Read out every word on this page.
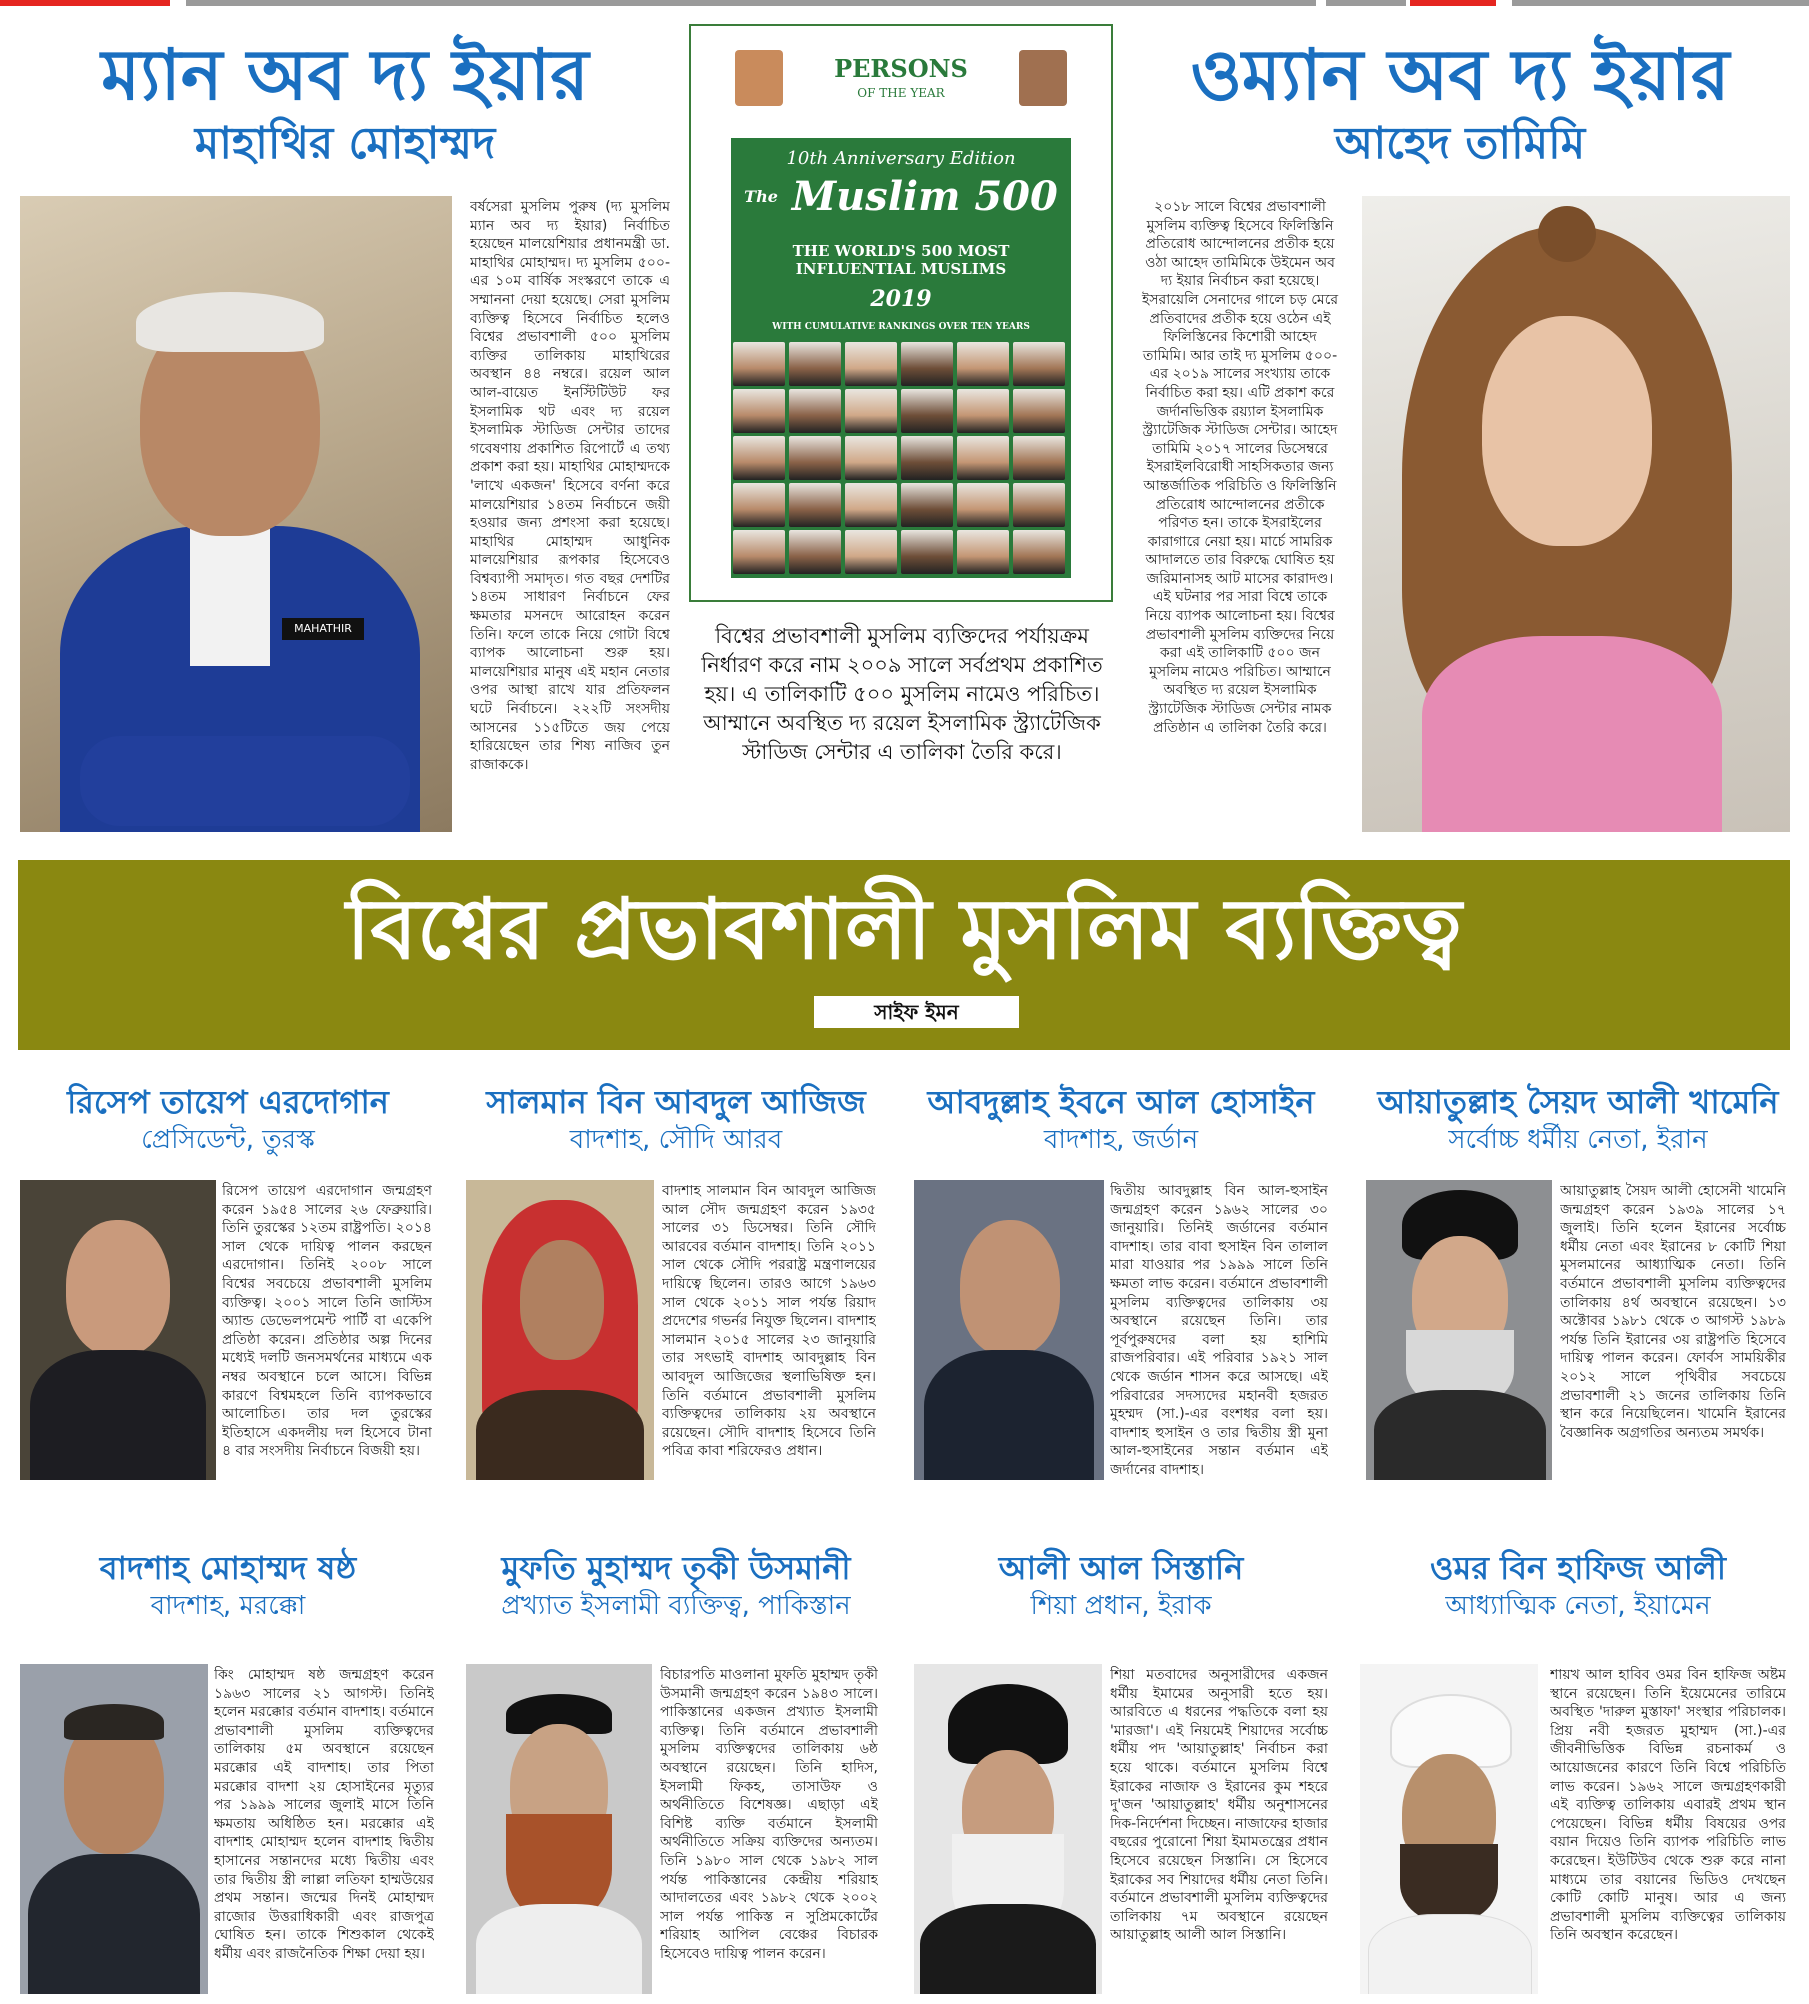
ম্যান অব দ্য ইয়ার
মাহাথির মোহাম্মদ
MAHATHIR
বর্ষসেরা মুসলিম পুরুষ (দ্য মুসলিম ম্যান অব দ্য ইয়ার) নির্বাচিত হয়েছেন মালয়েশিয়ার প্রধানমন্ত্রী ডা. মাহাথির মোহাম্মদ। দ্য মুসলিম ৫০০-এর ১০ম বার্ষিক সংস্করণে তাকে এ সম্মাননা দেয়া হয়েছে। সেরা মুসলিম ব্যক্তিত্ব হিসেবে নির্বাচিত হলেও বিশ্বের প্রভাবশালী ৫০০ মুসলিম ব্যক্তির তালিকায় মাহাথিরের অবস্থান ৪৪ নম্বরে। রয়েল আল আল-বায়েত ইনস্টিটিউট ফর ইসলামিক থট এবং দ্য রয়েল ইসলামিক স্টাডিজ সেন্টার তাদের গবেষণায় প্রকাশিত রিপোর্টে এ তথ্য প্রকাশ করা হয়। মাহাথির মোহাম্মদকে 'লাখে একজন' হিসেবে বর্ণনা করে মালয়েশিয়ার ১৪তম নির্বাচনে জয়ী হওয়ার জন্য প্রশংসা করা হয়েছে। মাহাথির মোহাম্মদ আধুনিক মালয়েশিয়ার রূপকার হিসেবেও বিশ্বব্যাপী সমাদৃত। গত বছর দেশটির ১৪তম সাধারণ নির্বাচনে ফের ক্ষমতার মসনদে আরোহন করেন তিনি। ফলে তাকে নিয়ে গোটা বিশ্বে ব্যাপক আলোচনা শুরু হয়। মালয়েশিয়ার মানুষ এই মহান নেতার ওপর আস্থা রাখে যার প্রতিফলন ঘটে নির্বাচনে। ২২২টি সংসদীয় আসনের ১১৫টিতে জয় পেয়ে হারিয়েছেন তার শিষ্য নাজিব তুন রাজাককে।
PERSONS
OF THE YEAR
10th Anniversary Edition
$^{The}$ Muslim 500
THE WORLD'S 500 MOST
INFLUENTIAL MUSLIMS
2019
WITH CUMULATIVE RANKINGS OVER TEN YEARS
বিশ্বের প্রভাবশালী মুসলিম ব্যক্তিদের পর্যায়ক্রম নির্ধারণ করে নাম ২০০৯ সালে সর্বপ্রথম প্রকাশিত হয়। এ তালিকাটি ৫০০ মুসলিম নামেও পরিচিত। আম্মানে অবস্থিত দ্য রয়েল ইসলামিক স্ট্র্যাটেজিক স্টাডিজ সেন্টার এ তালিকা তৈরি করে।
ওম্যান অব দ্য ইয়ার
আহেদ তামিমি
২০১৮ সালে বিশ্বের প্রভাবশালী মুসলিম ব্যক্তিত্ব হিসেবে ফিলিস্তিনি প্রতিরোধ আন্দোলনের প্রতীক হয়ে ওঠা আহেদ তামিমিকে উইমেন অব দ্য ইয়ার নির্বাচন করা হয়েছে। ইসরায়েলি সেনাদের গালে চড় মেরে প্রতিবাদের প্রতীক হয়ে ওঠেন এই ফিলিস্তিনের কিশোরী আহেদ তামিমি। আর তাই দ্য মুসলিম ৫০০-এর ২০১৯ সালের সংখ্যায় তাকে নির্বাচিত করা হয়। এটি প্রকাশ করে জর্দানভিত্তিক রয়্যাল ইসলামিক স্ট্র্যাটেজিক স্টাডিজ সেন্টার। আহেদ তামিমি ২০১৭ সালের ডিসেম্বরে ইসরাইলবিরোধী সাহসিকতার জন্য আন্তর্জাতিক পরিচিতি ও ফিলিস্তিনি প্রতিরোধ আন্দোলনের প্রতীকে পরিণত হন। তাকে ইসরাইলের কারাগারে নেয়া হয়। মার্চে সামরিক আদালতে তার বিরুদ্ধে ঘোষিত হয় জরিমানাসহ আট মাসের কারাদণ্ড। এই ঘটনার পর সারা বিশ্বে তাকে নিয়ে ব্যাপক আলোচনা হয়। বিশ্বের প্রভাবশালী মুসলিম ব্যক্তিদের নিয়ে করা এই তালিকাটি ৫০০ জন মুসলিম নামেও পরিচিত। আম্মানে অবস্থিত দ্য রয়েল ইসলামিক স্ট্র্যাটেজিক স্টাডিজ সেন্টার নামক প্রতিষ্ঠান এ তালিকা তৈরি করে।
বিশ্বের প্রভাবশালী মুসলিম ব্যক্তিত্ব
সাইফ ইমন
রিসেপ তায়েপ এরদোগান
প্রেসিডেন্ট, তুরস্ক
রিসেপ তায়েপ এরদোগান জন্মগ্রহণ করেন ১৯৫৪ সালের ২৬ ফেব্রুয়ারি। তিনি তুরস্কের ১২তম রাষ্ট্রপতি। ২০১৪ সাল থেকে দায়িত্ব পালন করছেন এরদোগান। তিনিই ২০০৮ সালে বিশ্বের সবচেয়ে প্রভাবশালী মুসলিম ব্যক্তিত্ব। ২০০১ সালে তিনি জাস্টিস অ্যান্ড ডেভেলপমেন্ট পার্টি বা একেপি প্রতিষ্ঠা করেন। প্রতিষ্ঠার অল্প দিনের মধ্যেই দলটি জনসমর্থনের মাধ্যমে এক নম্বর অবস্থানে চলে আসে। বিভিন্ন কারণে বিশ্বমহলে তিনি ব্যাপকভাবে আলোচিত। তার দল তুরস্কের ইতিহাসে একদলীয় দল হিসেবে টানা ৪ বার সংসদীয় নির্বাচনে বিজয়ী হয়।
সালমান বিন আবদুল আজিজ
বাদশাহ, সৌদি আরব
বাদশাহ সালমান বিন আবদুল আজিজ আল সৌদ জন্মগ্রহণ করেন ১৯৩৫ সালের ৩১ ডিসেম্বর। তিনি সৌদি আরবের বর্তমান বাদশাহ। তিনি ২০১১ সাল থেকে সৌদি পররাষ্ট্র মন্ত্রণালয়ের দায়িত্বে ছিলেন। তারও আগে ১৯৬৩ সাল থেকে ২০১১ সাল পর্যন্ত রিয়াদ প্রদেশের গভর্নর নিযুক্ত ছিলেন। বাদশাহ সালমান ২০১৫ সালের ২৩ জানুয়ারি তার সৎভাই বাদশাহ আবদুল্লাহ বিন আবদুল আজিজের স্থলাভিষিক্ত হন। তিনি বর্তমানে প্রভাবশালী মুসলিম ব্যক্তিত্বদের তালিকায় ২য় অবস্থানে রয়েছেন। সৌদি বাদশাহ হিসেবে তিনি পবিত্র কাবা শরিফেরও প্রধান।
আবদুল্লাহ ইবনে আল হোসাইন
বাদশাহ, জর্ডান
দ্বিতীয় আবদুল্লাহ বিন আল-হুসাইন জন্মগ্রহণ করেন ১৯৬২ সালের ৩০ জানুয়ারি। তিনিই জর্ডানের বর্তমান বাদশাহ। তার বাবা হুসাইন বিন তালাল মারা যাওয়ার পর ১৯৯৯ সালে তিনি ক্ষমতা লাভ করেন। বর্তমানে প্রভাবশালী মুসলিম ব্যক্তিত্বদের তালিকায় ৩য় অবস্থানে রয়েছেন তিনি। তার পূর্বপুরুষদের বলা হয় হাশিমি রাজপরিবার। এই পরিবার ১৯২১ সাল থেকে জর্ডান শাসন করে আসছে। এই পরিবারের সদস্যদের মহানবী হজরত মুহম্মদ (সা.)-এর বংশধর বলা হয়। বাদশাহ হুসাইন ও তার দ্বিতীয় স্ত্রী মুনা আল-হুসাইনের সন্তান বর্তমান এই জর্দানের বাদশাহ।
আয়াতুল্লাহ সৈয়দ আলী খামেনি
সর্বোচ্চ ধর্মীয় নেতা, ইরান
আয়াতুল্লাহ সৈয়দ আলী হোসেনী খামেনি জন্মগ্রহণ করেন ১৯৩৯ সালের ১৭ জুলাই। তিনি হলেন ইরানের সর্বোচ্চ ধর্মীয় নেতা এবং ইরানের ৮ কোটি শিয়া মুসলমানের আধ্যাত্মিক নেতা। তিনি বর্তমানে প্রভাবশালী মুসলিম ব্যক্তিত্বদের তালিকায় ৪র্থ অবস্থানে রয়েছেন। ১৩ অক্টোবর ১৯৮১ থেকে ৩ আগস্ট ১৯৮৯ পর্যন্ত তিনি ইরানের ৩য় রাষ্ট্রপতি হিসেবে দায়িত্ব পালন করেন। ফোর্বস সাময়িকীর ২০১২ সালে পৃথিবীর সবচেয়ে প্রভাবশালী ২১ জনের তালিকায় তিনি স্থান করে নিয়েছিলেন। খামেনি ইরানের বৈজ্ঞানিক অগ্রগতির অন্যতম সমর্থক।
বাদশাহ মোহাম্মদ ষষ্ঠ
বাদশাহ, মরক্কো
কিং মোহাম্মদ ষষ্ঠ জন্মগ্রহণ করেন ১৯৬৩ সালের ২১ আগস্ট। তিনিই হলেন মরক্কোর বর্তমান বাদশাহ। বর্তমানে প্রভাবশালী মুসলিম ব্যক্তিত্বদের তালিকায় ৫ম অবস্থানে রয়েছেন মরক্কোর এই বাদশাহ। তার পিতা মরক্কোর বাদশা ২য় হোসাইনের মৃত্যুর পর ১৯৯৯ সালের জুলাই মাসে তিনি ক্ষমতায় অধিষ্ঠিত হন। মরক্কোর এই বাদশাহ মোহাম্মদ হলেন বাদশাহ দ্বিতীয় হাসানের সন্তানদের মধ্যে দ্বিতীয় এবং তার দ্বিতীয় স্ত্রী লাল্লা লতিফা হাম্মউয়ের প্রথম সন্তান। জন্মের দিনই মোহাম্মদ রাজোর উত্তরাধিকারী এবং রাজপুত্র ঘোষিত হন। তাকে শিশুকাল থেকেই ধর্মীয় এবং রাজনৈতিক শিক্ষা দেয়া হয়।
মুফতি মুহাম্মদ তৃকী উসমানী
প্রখ্যাত ইসলামী ব্যক্তিত্ব, পাকিস্তান
বিচারপতি মাওলানা মুফতি মুহাম্মদ তৃকী উসমানী জন্মগ্রহণ করেন ১৯৪৩ সালে। পাকিস্তানের একজন প্রখ্যাত ইসলামী ব্যক্তিত্ব। তিনি বর্তমানে প্রভাবশালী মুসলিম ব্যক্তিত্বদের তালিকায় ৬ষ্ঠ অবস্থানে রয়েছেন। তিনি হাদিস, ইসলামী ফিকহ, তাসাউফ ও অর্থনীতিতে বিশেষজ্ঞ। এছাড়া এই বিশিষ্ট ব্যক্তি বর্তমানে ইসলামী অর্থনীতিতে সক্রিয় ব্যক্তিদের অন্যতম। তিনি ১৯৮০ সাল থেকে ১৯৮২ সাল পর্যন্ত পাকিস্তানের কেন্দ্রীয় শরিয়াহ আদালতের এবং ১৯৮২ থেকে ২০০২ সাল পর্যন্ত পাকিস্ত ন সুপ্রিমকোর্টের শরিয়াহ আপিল বেঞ্চের বিচারক হিসেবেও দায়িত্ব পালন করেন।
আলী আল সিস্তানি
শিয়া প্রধান, ইরাক
শিয়া মতবাদের অনুসারীদের একজন ধর্মীয় ইমামের অনুসারী হতে হয়। আরবিতে এ ধরনের পদ্ধতিকে বলা হয় 'মারজা'। এই নিয়মেই শিয়াদের সর্বোচ্চ ধর্মীয় পদ 'আয়াতুল্লাহ' নির্বাচন করা হয়ে থাকে। বর্তমানে মুসলিম বিশ্বে ইরাকের নাজাফ ও ইরানের কুম শহরে দু'জন 'আয়াতুল্লাহ' ধর্মীয় অনুশাসনের দিক-নির্দেশনা দিচ্ছেন। নাজাফের হাজার বছরের পুরোনো শিয়া ইমামতন্ত্রের প্রধান হিসেবে রয়েছেন সিস্তানি। সে হিসেবে ইরাকের সব শিয়াদের ধর্মীয় নেতা তিনি। বর্তমানে প্রভাবশালী মুসলিম ব্যক্তিত্বদের তালিকায় ৭ম অবস্থানে রয়েছেন আয়াতুল্লাহ আলী আল সিস্তানি।
ওমর বিন হাফিজ আলী
আধ্যাত্মিক নেতা, ইয়ামেন
শায়খ আল হাবিব ওমর বিন হাফিজ অষ্টম স্থানে রয়েছেন। তিনি ইয়েমেনের তারিমে অবস্থিত 'দারুল মুস্তাফা' সংস্থার পরিচালক। প্রিয় নবী হজরত মুহাম্মদ (সা.)-এর জীবনীভিত্তিক বিভিন্ন রচনাকর্ম ও আয়োজনের কারণে তিনি বিশ্বে পরিচিতি লাভ করেন। ১৯৬২ সালে জন্মগ্রহণকারী এই ব্যক্তিত্ব তালিকায় এবারই প্রথম স্থান পেয়েছেন। বিভিন্ন ধর্মীয় বিষয়ের ওপর বয়ান দিয়েও তিনি ব্যাপক পরিচিতি লাভ করেছেন। ইউটিউব থেকে শুরু করে নানা মাধ্যমে তার বয়ানের ভিডিও দেখছেন কোটি কোটি মানুষ। আর এ জন্য প্রভাবশালী মুসলিম ব্যক্তিত্বের তালিকায় তিনি অবস্থান করেছেন।
